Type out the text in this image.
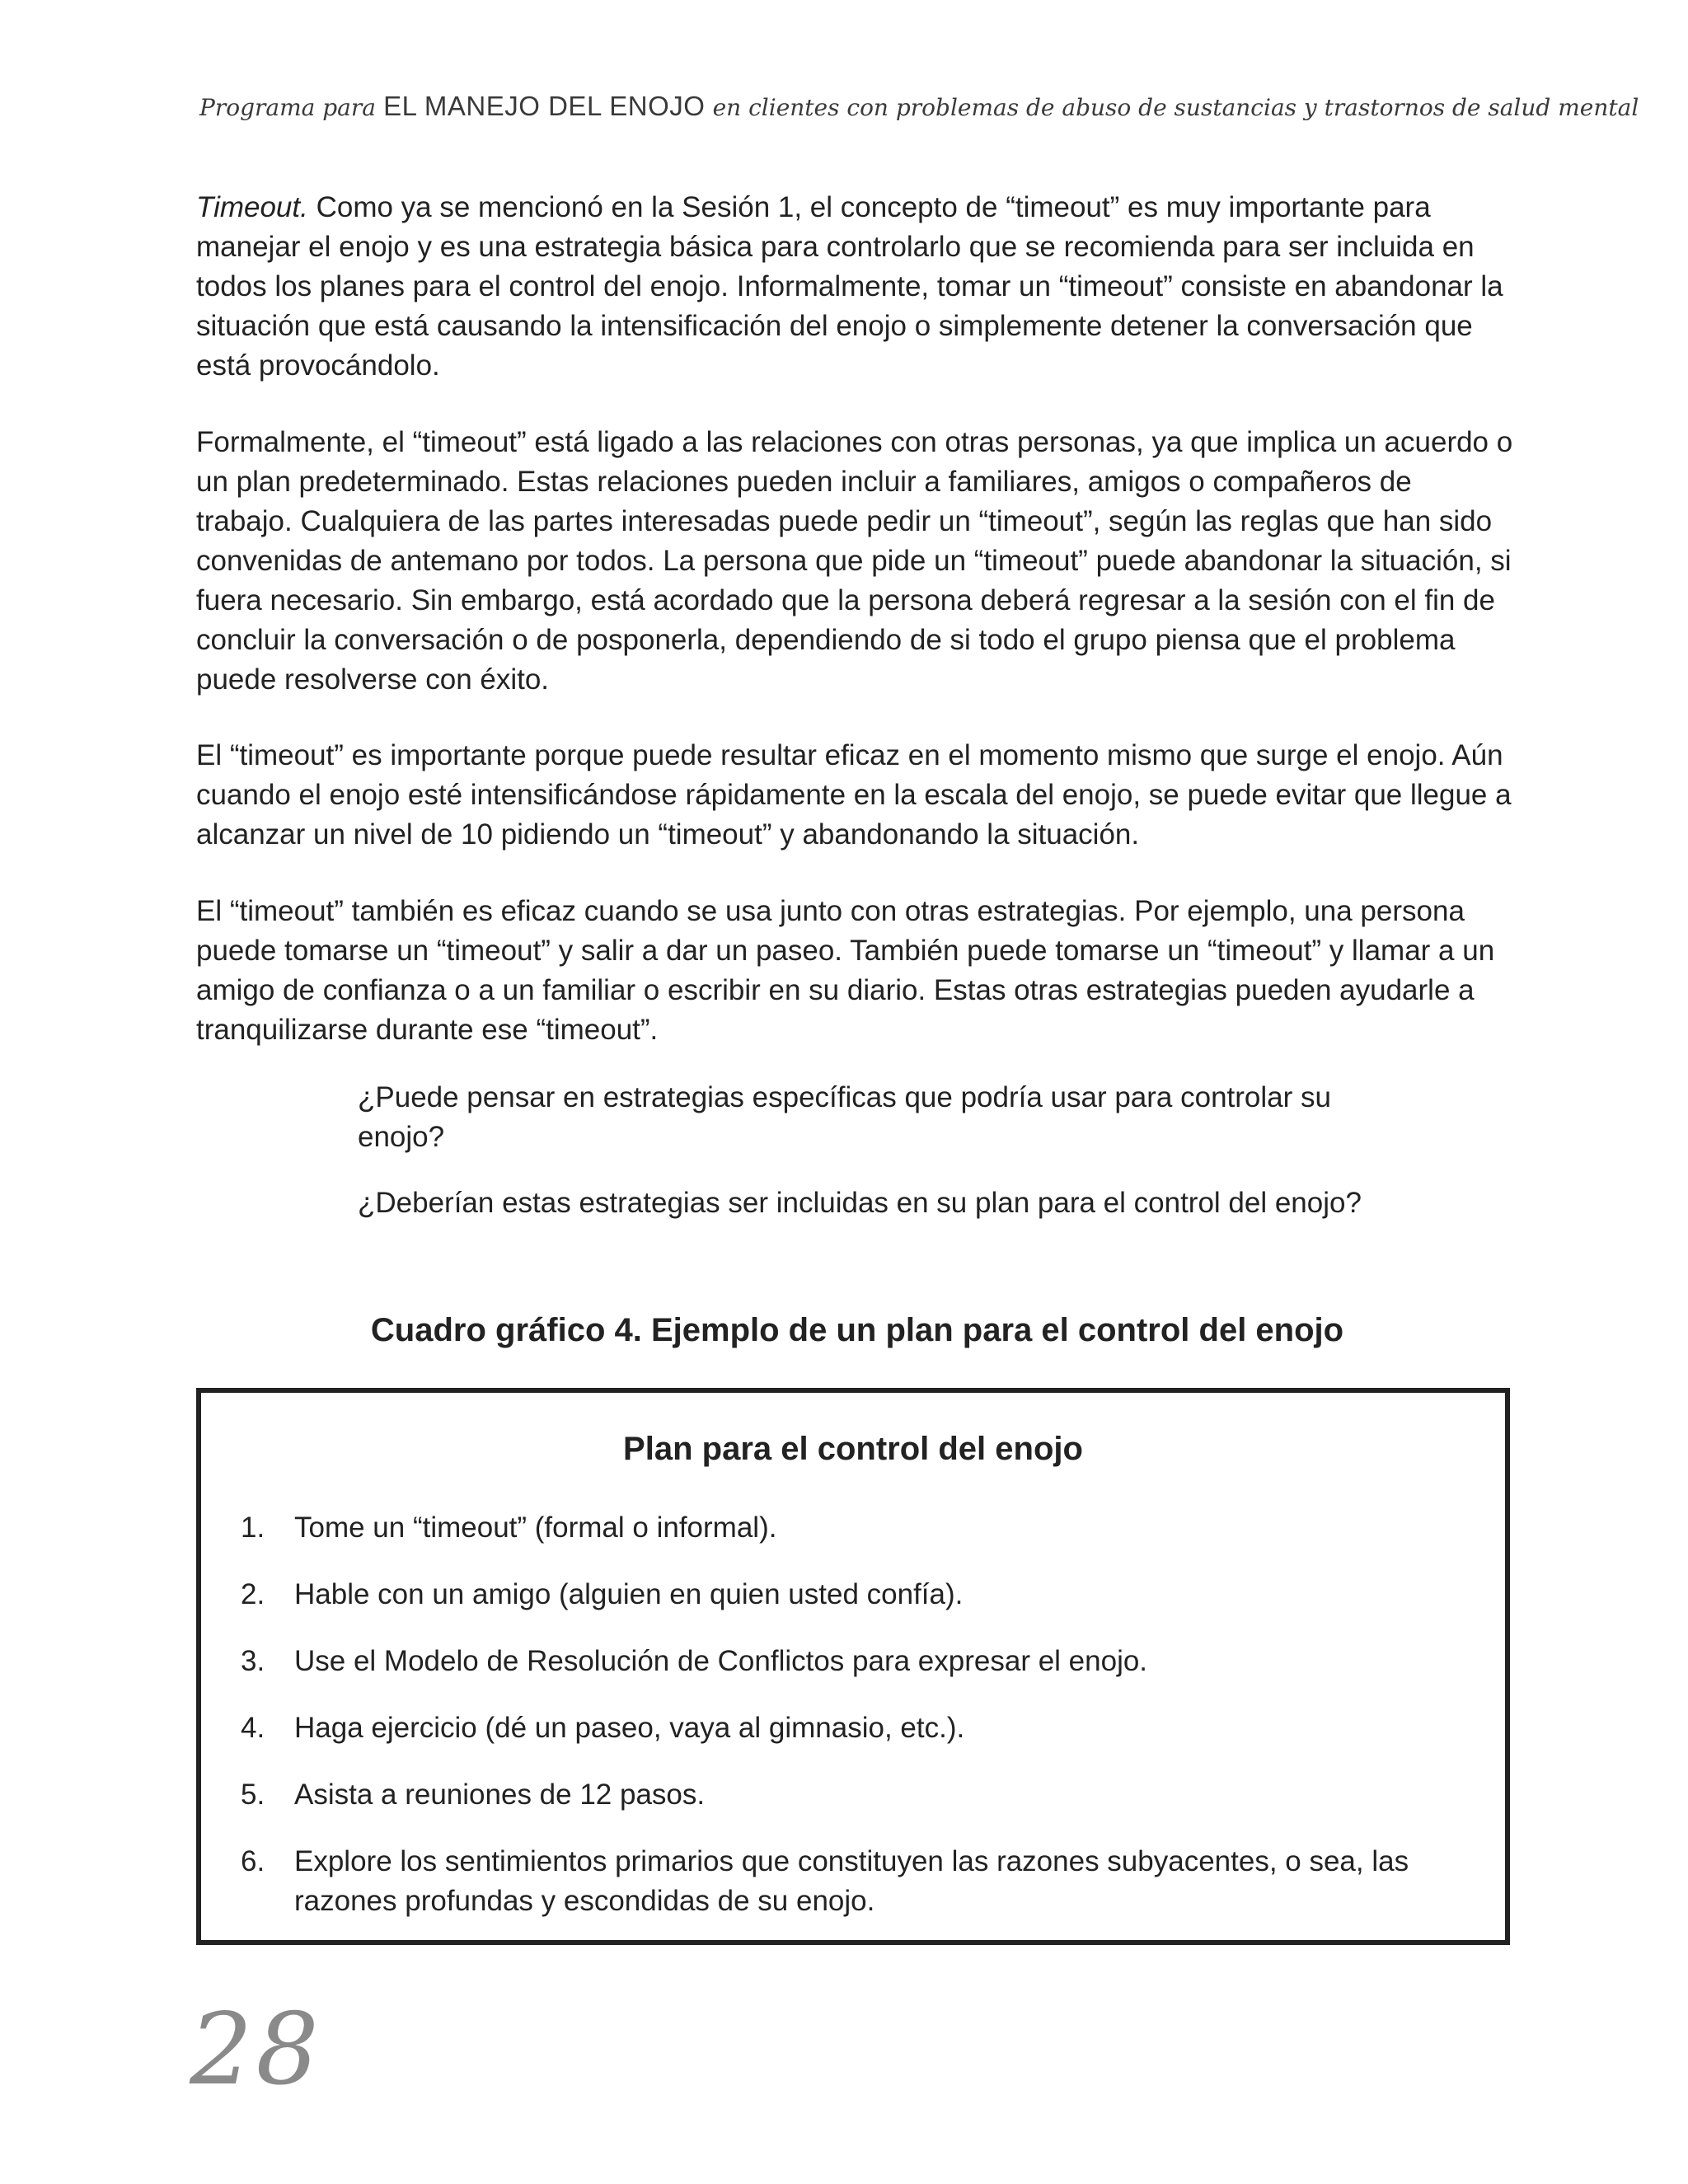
Programa para EL MANEJO DEL ENOJO en clientes con problemas de abuso de sustancias y trastornos de salud mental

Timeout. Como ya se mencionó en la Sesión 1, el concepto de “timeout” es muy importante para manejar el enojo y es una estrategia básica para controlarlo que se recomienda para ser incluida en todos los planes para el control del enojo. Informalmente, tomar un “timeout” consiste en abandonar la situación que está causando la intensificación del enojo o simplemente detener la conversación que está provocándolo.

Formalmente, el “timeout” está ligado a las relaciones con otras personas, ya que implica un acuerdo o un plan predeterminado. Estas relaciones pueden incluir a familiares, amigos o compañeros de trabajo. Cualquiera de las partes interesadas puede pedir un “timeout”, según las reglas que han sido convenidas de antemano por todos. La persona que pide un “timeout” puede abandonar la situación, si fuera necesario. Sin embargo, está acordado que la persona deberá regresar a la sesión con el fin de concluir la conversación o de posponerla, dependiendo de si todo el grupo piensa que el problema puede resolverse con éxito.

El “timeout” es importante porque puede resultar eficaz en el momento mismo que surge el enojo. Aún cuando el enojo esté intensificándose rápidamente en la escala del enojo, se puede evitar que llegue a alcanzar un nivel de 10 pidiendo un “timeout” y abandonando la situación.

El “timeout” también es eficaz cuando se usa junto con otras estrategias. Por ejemplo, una persona puede tomarse un “timeout” y salir a dar un paseo. También puede tomarse un “timeout” y llamar a un amigo de confianza o a un familiar o escribir en su diario. Estas otras estrategias pueden ayudarle a tranquilizarse durante ese “timeout”.

¿Puede pensar en estrategias específicas que podría usar para controlar su enojo?

¿Deberían estas estrategias ser incluidas en su plan para el control del enojo?

Cuadro gráfico 4. Ejemplo de un plan para el control del enojo
Plan para el control del enojo
1. Tome un “timeout” (formal o informal).
2. Hable con un amigo (alguien en quien usted confía).
3. Use el Modelo de Resolución de Conflictos para expresar el enojo.
4. Haga ejercicio (dé un paseo, vaya al gimnasio, etc.).
5. Asista a reuniones de 12 pasos.
6. Explore los sentimientos primarios que constituyen las razones subyacentes, o sea, las razones profundas y escondidas de su enojo.
28
